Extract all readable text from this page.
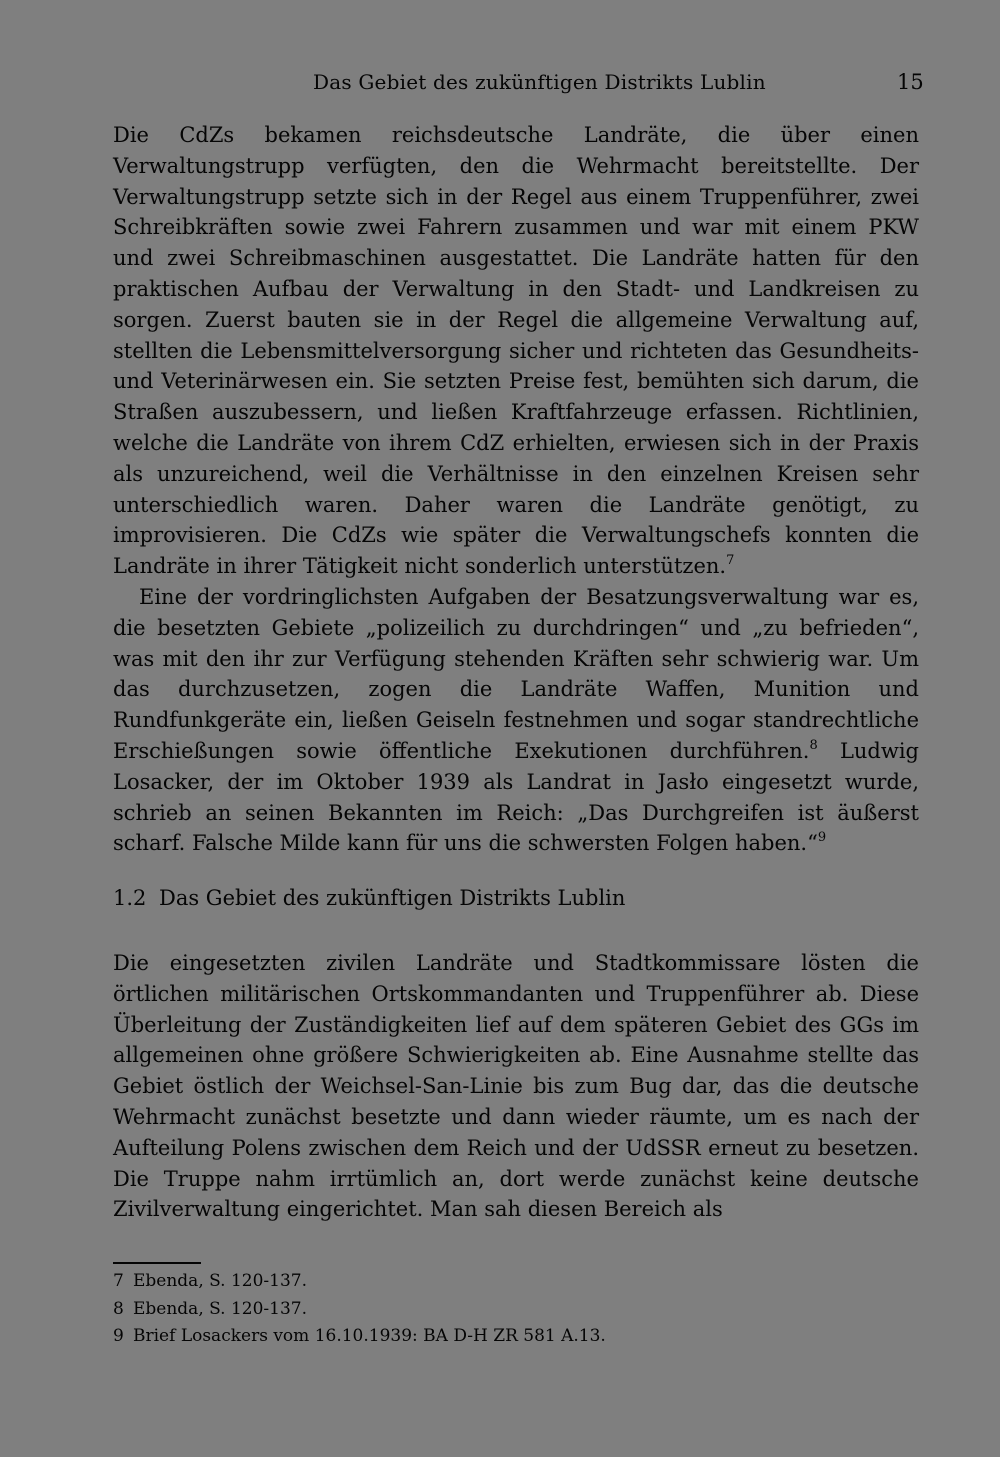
Das Gebiet des zukünftigen Distrikts Lublin	15

Die CdZs bekamen reichsdeutsche Landräte, die über einen Verwaltungstrupp verfügten, den die Wehrmacht bereitstellte. Der Verwaltungstrupp setzte sich in der Regel aus einem Truppenführer, zwei Schreibkräften sowie zwei Fahrern zusammen und war mit einem PKW und zwei Schreibmaschinen ausgestattet. Die Landräte hatten für den praktischen Aufbau der Verwaltung in den Stadt- und Landkreisen zu sorgen. Zuerst bauten sie in der Regel die allgemeine Verwaltung auf, stellten die Lebensmittelversorgung sicher und richteten das Gesundheits- und Veterinärwesen ein. Sie setzten Preise fest, bemühten sich darum, die Straßen auszubessern, und ließen Kraftfahrzeuge erfassen. Richtlinien, welche die Landräte von ihrem CdZ erhielten, erwiesen sich in der Praxis als unzureichend, weil die Verhältnisse in den einzelnen Kreisen sehr unterschiedlich waren. Daher waren die Landräte genötigt, zu improvisieren. Die CdZs wie später die Verwaltungschefs konnten die Landräte in ihrer Tätigkeit nicht sonderlich unterstützen.$^7$

Eine der vordringlichsten Aufgaben der Besatzungsverwaltung war es, die besetzten Gebiete „polizeilich zu durchdringen“ und „zu befrieden“, was mit den ihr zur Verfügung stehenden Kräften sehr schwierig war. Um das durchzusetzen, zogen die Landräte Waffen, Munition und Rundfunkgeräte ein, ließen Geiseln festnehmen und sogar standrechtliche Erschießungen sowie öffentliche Exekutionen durchführen.$^8$ Ludwig Losacker, der im Oktober 1939 als Landrat in Jasło eingesetzt wurde, schrieb an seinen Bekannten im Reich: „Das Durchgreifen ist äußerst scharf. Falsche Milde kann für uns die schwersten Folgen haben.“$^9$

1.2 Das Gebiet des zukünftigen Distrikts Lublin

Die eingesetzten zivilen Landräte und Stadtkommissare lösten die örtlichen militärischen Ortskommandanten und Truppenführer ab. Diese Überleitung der Zuständigkeiten lief auf dem späteren Gebiet des GGs im allgemeinen ohne größere Schwierigkeiten ab. Eine Ausnahme stellte das Gebiet östlich der Weichsel-San-Linie bis zum Bug dar, das die deutsche Wehrmacht zunächst besetzte und dann wieder räumte, um es nach der Aufteilung Polens zwischen dem Reich und der UdSSR erneut zu besetzen. Die Truppe nahm irrtümlich an, dort werde zunächst keine deutsche Zivilverwaltung eingerichtet. Man sah diesen Bereich als

7 Ebenda, S. 120-137.
8 Ebenda, S. 120-137.
9 Brief Losackers vom 16.10.1939: BA D-H ZR 581 A.13.
